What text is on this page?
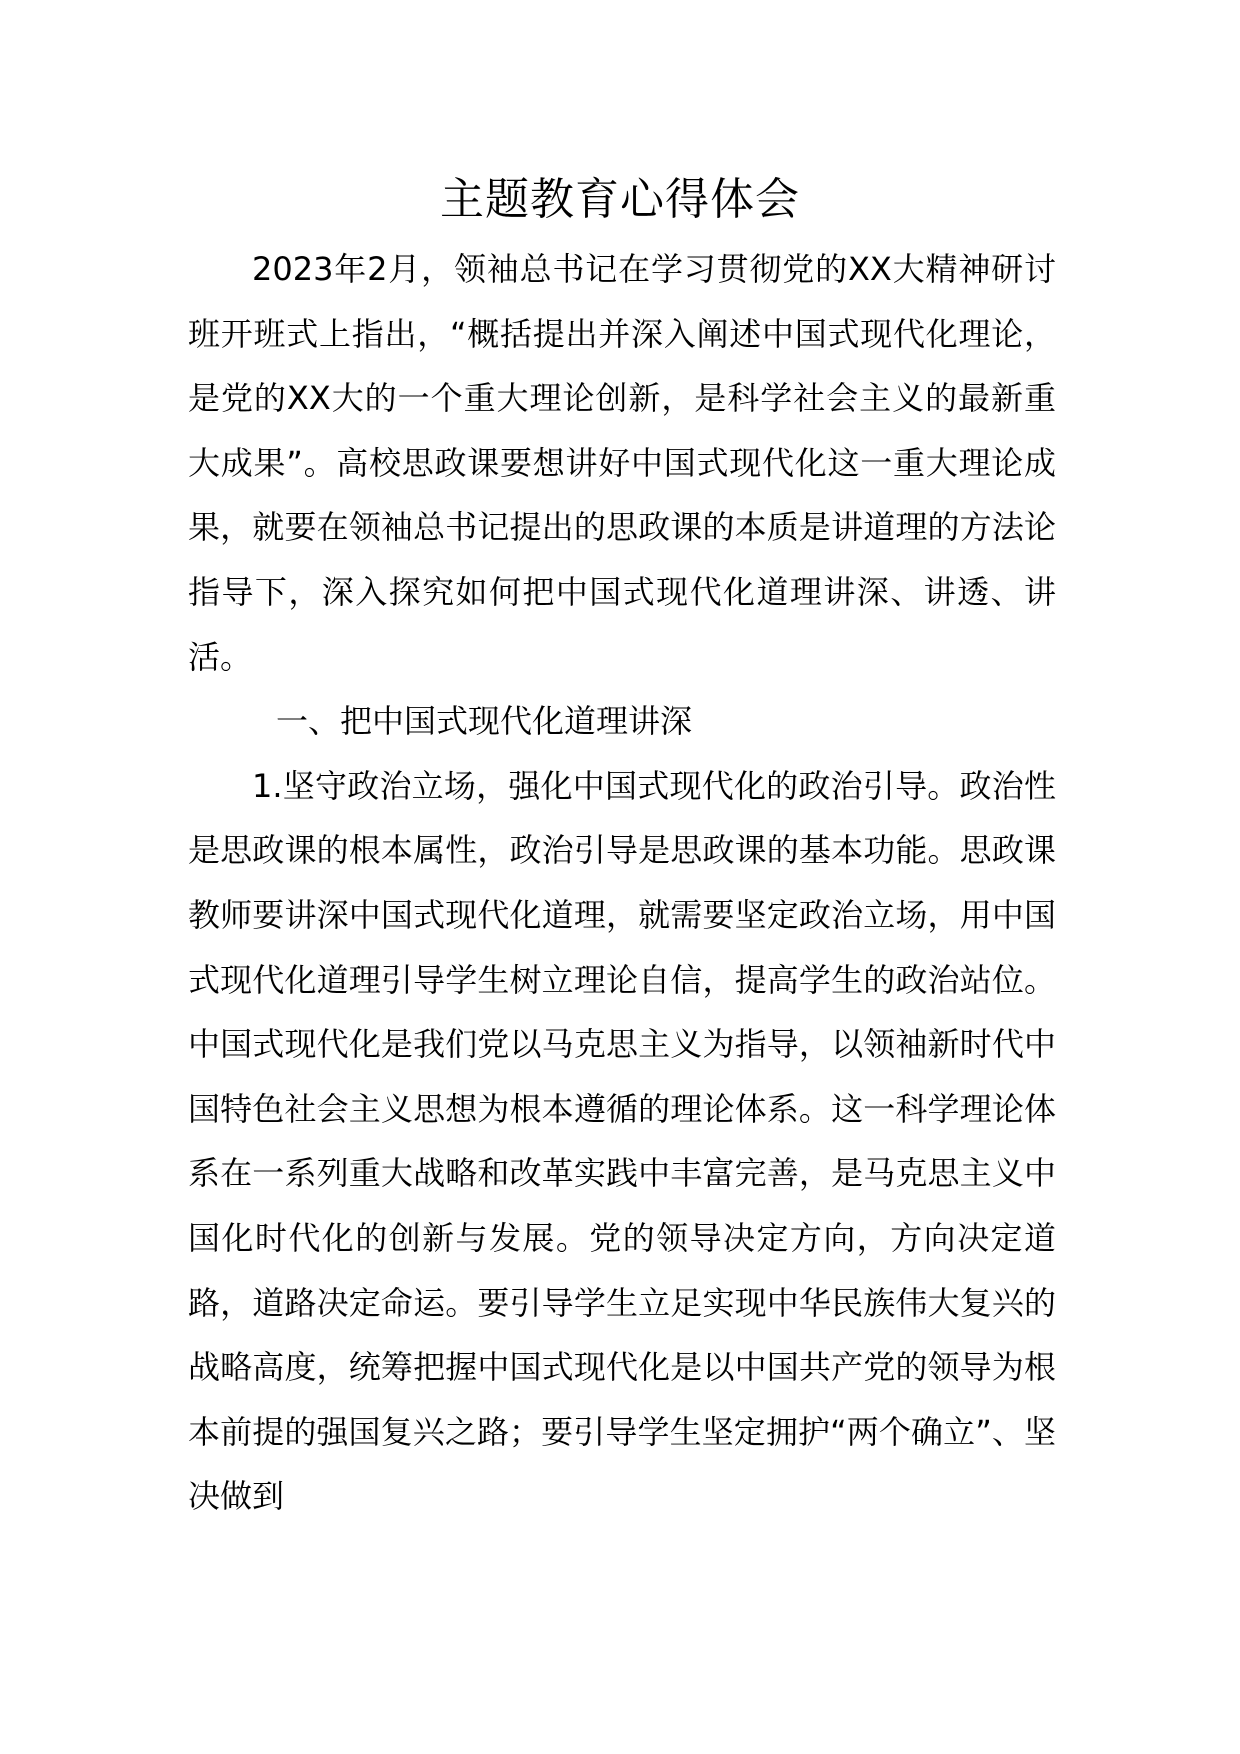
主题教育心得体会

2023年2月，领袖总书记在学习贯彻党的XX大精神研讨班开班式上指出，“概括提出并深入阐述中国式现代化理论，是党的XX大的一个重大理论创新，是科学社会主义的最新重大成果”。高校思政课要想讲好中国式现代化这一重大理论成果，就要在领袖总书记提出的思政课的本质是讲道理的方法论指导下，深入探究如何把中国式现代化道理讲深、讲透、讲活。

一、把中国式现代化道理讲深

1.坚守政治立场，强化中国式现代化的政治引导。政治性是思政课的根本属性，政治引导是思政课的基本功能。思政课教师要讲深中国式现代化道理，就需要坚定政治立场，用中国式现代化道理引导学生树立理论自信，提高学生的政治站位。中国式现代化是我们党以马克思主义为指导，以领袖新时代中国特色社会主义思想为根本遵循的理论体系。这一科学理论体系在一系列重大战略和改革实践中丰富完善，是马克思主义中国化时代化的创新与发展。党的领导决定方向，方向决定道路，道路决定命运。要引导学生立足实现中华民族伟大复兴的战略高度，统筹把握中国式现代化是以中国共产党的领导为根本前提的强国复兴之路；要引导学生坚定拥护“两个确立”、坚决做到
